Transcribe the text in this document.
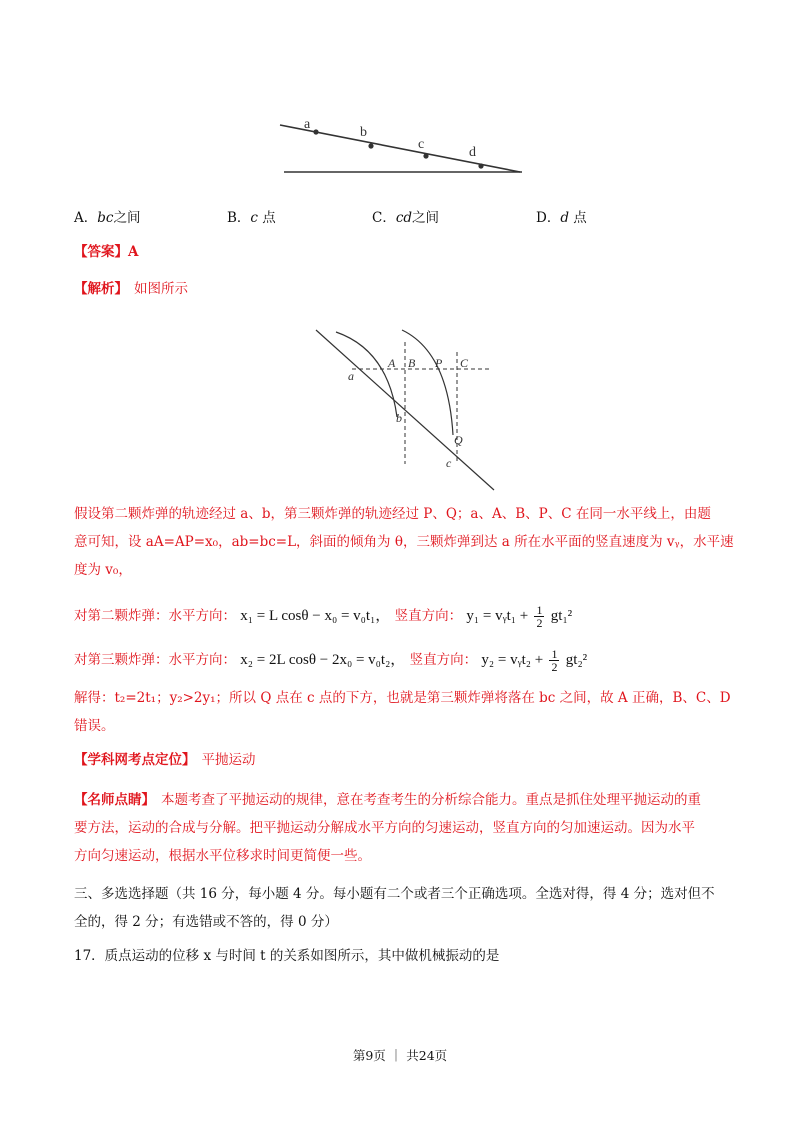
a
b
c
d
A．bc之间	B．c 点	C．cd之间	D．d 点
【答案】A
【解析】 如图所示
A B P C
a
b
Q
c
假设第二颗炸弹的轨迹经过 a、b，第三颗炸弹的轨迹经过 P、Q；a、A、B、P、C 在同一水平线上，由题
意可知，设 aA=AP=x₀，ab=bc=L，斜面的倾角为 θ，三颗炸弹到达 a 所在水平面的竖直速度为 vᵧ，水平速
度为 v₀，
对第二颗炸弹：水平方向： x₁ = L cosθ − x₀ = v₀t₁， 竖直方向： y₁ = vᵧt₁ + $\frac{1}{2} gt_1^2$
对第三颗炸弹：水平方向： x₂ = 2L cosθ − 2x₀ = v₀t₂， 竖直方向： y₂ = vᵧt₂ + $\frac{1}{2} gt_2^2$
解得：t₂=2t₁；y₂>2y₁；所以 Q 点在 c 点的下方，也就是第三颗炸弹将落在 bc 之间，故 A 正确，B、C、D
错误。
【学科网考点定位】 平抛运动
【名师点睛】 本题考查了平抛运动的规律，意在考查考生的分析综合能力。重点是抓住处理平抛运动的重
要方法，运动的合成与分解。把平抛运动分解成水平方向的匀速运动，竖直方向的匀加速运动。因为水平
方向匀速运动，根据水平位移求时间更简便一些。
三、多选选择题（共 16 分，每小题 4 分。每小题有二个或者三个正确选项。全选对得，得 4 分；选对但不
全的，得 2 分；有选错或不答的，得 0 分）
17．质点运动的位移 x 与时间 t 的关系如图所示，其中做机械振动的是
第9页 ｜ 共24页
